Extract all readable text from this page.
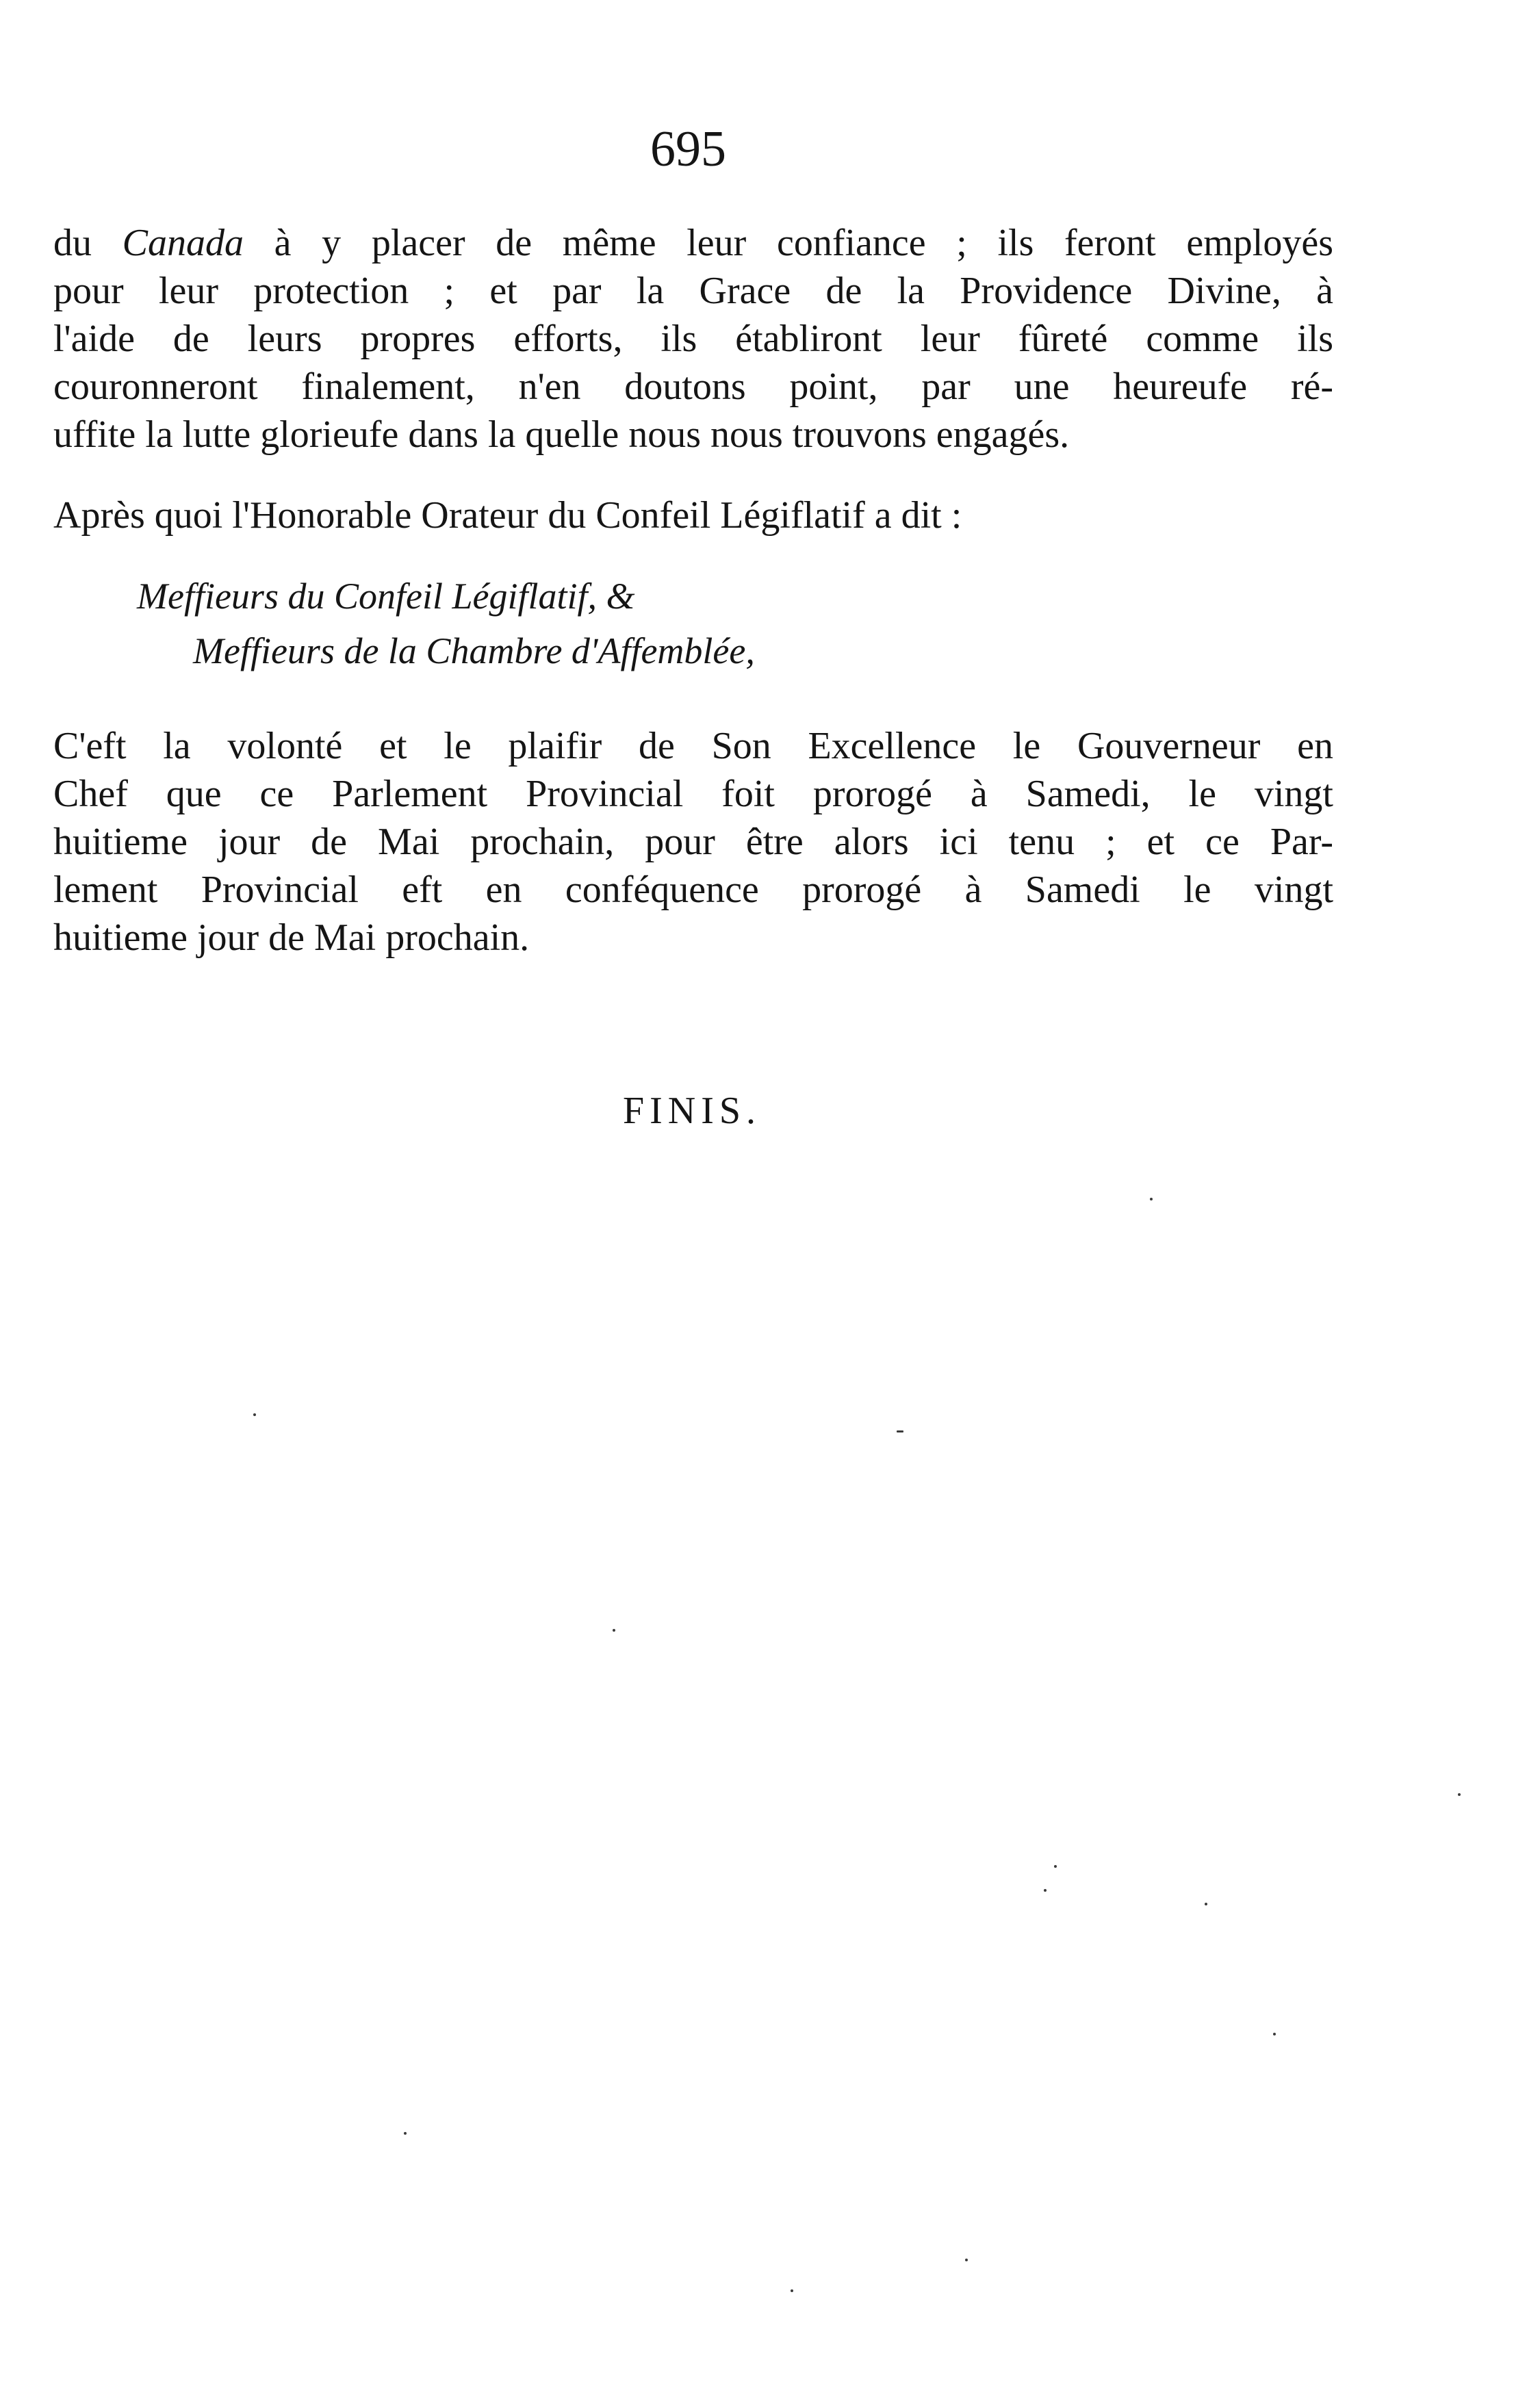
695
du Canada à y placer de même leur confiance ; ils feront employés
pour leur protection ; et par la Grace de la Providence Divine, à
l'aide de leurs propres efforts, ils établiront leur fûreté comme ils
couronneront finalement, n'en doutons point, par une heureufe ré-
uffite la lutte glorieufe dans la quelle nous nous trouvons engagés.
Après quoi l'Honorable Orateur du Confeil Légiflatif a dit :
Meffieurs du Confeil Légiflatif, &
Meffieurs de la Chambre d'Affemblée,
C'eft la volonté et le plaifir de Son Excellence le Gouverneur en
Chef que ce Parlement Provincial foit prorogé à Samedi, le vingt
huitieme jour de Mai prochain, pour être alors ici tenu ; et ce Par-
lement Provincial eft en conféquence prorogé à Samedi le vingt
huitieme jour de Mai prochain.
FINIS.
